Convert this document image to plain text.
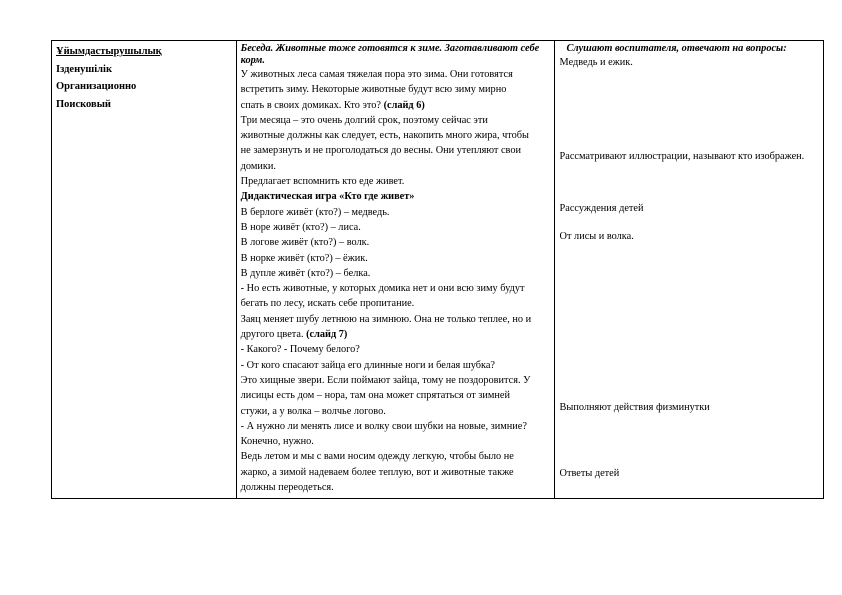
Ұйымдастырушылық
Ізденушілік
Организационно
Поисковый

Беседа. Животные тоже готовятся к зиме. Заготавливают себе корм.
У животных леса самая тяжелая пора это зима. Они готовятся
встретить зиму. Некоторые животные будут всю зиму мирно
спать в своих домиках. Кто это? (слайд 6)
Три месяца – это очень долгий срок, поэтому сейчас эти
животные должны как следует, есть, накопить много жира, чтобы
не замерзнуть и не проголодаться до весны. Они утепляют свои
домики.
Предлагает вспомнить кто еде живет.
Дидактическая игра «Кто где живет»
В берлоге живёт (кто?) – медведь.
В норе живёт (кто?) – лиса.
В логове живёт (кто?) – волк.
В норке живёт (кто?) – ёжик.
В дупле живёт (кто?) – белка.
- Но есть животные, у которых домика нет и они всю зиму будут
бегать по лесу, искать себе пропитание.
Заяц меняет шубу летнюю на зимнюю. Она не только теплее, но и
другого цвета. (слайд 7)
- Какого? - Почему белого?
- От кого спасают зайца его длинные ноги и белая шубка?
Это хищные звери. Если поймают зайца, тому не поздоровится. У
лисицы есть дом – нора, там она может спрятаться от зимней
стужи, а у волка – волчье логово.
- А нужно ли менять лисе и волку свои шубки на новые, зимние?
Конечно, нужно.
Ведь летом и мы с вами носим одежду легкую, чтобы было не
жарко, а зимой надеваем более теплую, вот и животные также
должны переодеться.

Слушают воспитателя, отвечают на вопросы:
Медведь и ежик.
Рассматривают иллюстрации, называют кто изображен.
Рассуждения детей
От лисы и волка.
Выполняют действия физминутки
Ответы детей
